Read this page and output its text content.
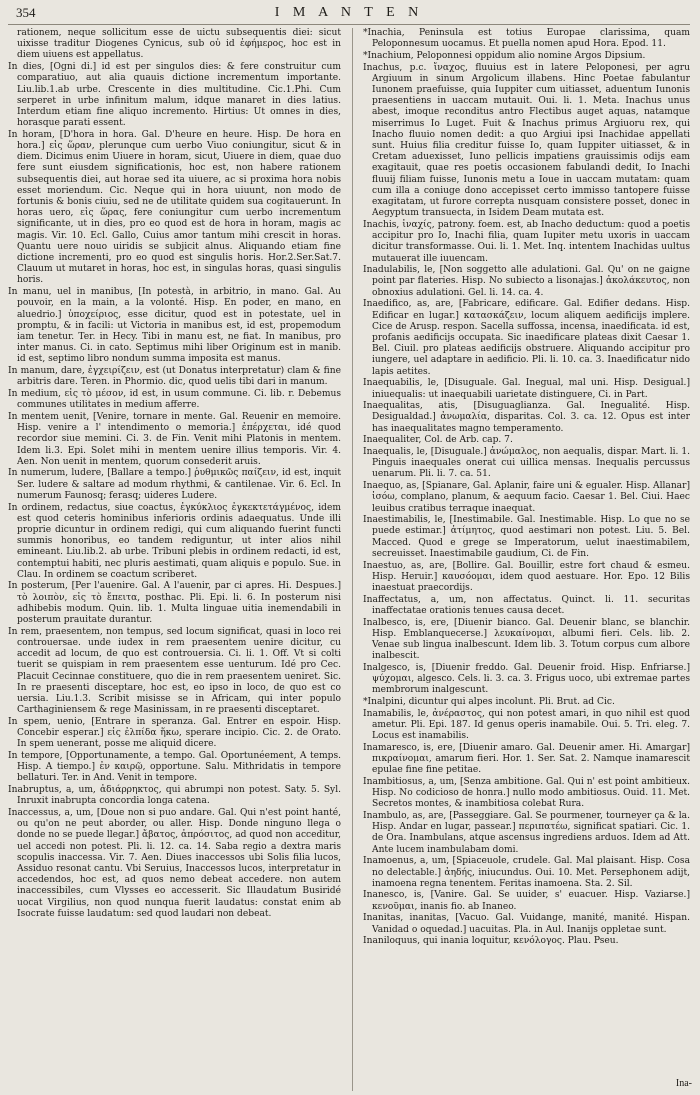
354	I M A N T E N

rationem, neque sollicitum esse de uictu subsequentis diei: sicut uixisse traditur Diogenes Cynicus, sub οὐ id ἐφήμερος, hoc est in diem uiuens est appellatus.

In dies, [Ogni di.] id est per singulos dies: & fere construitur cum comparatiuo, aut alia quauis dictione incrementum importante. Liu.lib.1.ab urbe. Crescente in dies multitudine. Cic.1.Phi. Cum serperet in urbe infinitum malum, idque manaret in dies latius. Interdum etiam fine aliquo incremento. Hirtius: Ut omnes in dies, horasque parati essent.

In horam, [D'hora in hora. Gal. D'heure en heure. Hisp. De hora en hora.] εἰς ὥραν, plerunque cum uerbo Viuo coniungitur, sicut & in diem. Dicimus enim Uiuere in horam, sicut, Uiuere in diem, quae duo fere sunt eiusdem significationis, hoc est, non habere rationem subsequentis diei, aut horae sed ita uiuere, ac si proxima hora nobis esset moriendum. Cic. Neque qui in hora uiuunt, non modo de fortunis & bonis ciuiu, sed ne de utilitate quidem sua cogitauerunt. In horas uero, εἰς ὥρας, fere coniungitur cum uerbo incrementum significante, ut in dies, pro eo quod est de hora in horam, magis ac magis. Vir. 10. Ecl. Gallo, Cuius amor tantum mihi crescit in horas. Quantu uere nouo uiridis se subjicit alnus. Aliquando etiam fine dictione incrementi, pro eo quod est singulis horis. Hor.2.Ser.Sat.7. Clauum ut mutaret in horas, hoc est, in singulas horas, quasi singulis horis.

In manu, uel in manibus, [In potestà, in arbitrio, in mano. Gal. Au pouvoir, en la main, a la volonté. Hisp. En poder, en mano, en aluedrio.] ὑποχείριος, esse dicitur, quod est in potestate, uel in promptu, & in facili: ut Victoria in manibus est, id est, propemodum iam tenetur. Ter. in Hecy. Tibi in manu est, ne fiat. In manibus, pro inter manus. Ci. in cato. Septimus mihi liber Originum est in manib. id est, septimo libro nondum summa imposita est manus.

In manum, dare, ἐγχειρίζειν, est (ut Donatus interpretatur) clam & fine arbitris dare. Teren. in Phormio. dic, quod uelis tibi dari in manum.

In medium, εἰς τὸ μέσον, id est, in usum commune. Ci. lib. r. Debemus communes utilitates in medium afferre.

In mentem uenit, [Venire, tornare in mente. Gal. Reuenir en memoire. Hisp. venire a l' intendimento o memoria.] ἐπέρχεται, idé quod recordor siue memini. Ci. 3. de Fin. Venit mihi Platonis in mentem. Idem li.3. Epi. Solet mihi in mentem uenire illius temporis. Vir. 4. Aen. Non uenit in mentem, quorum consederit aruis.

In numerum, ludere, [Ballare a tempo.] ῥυθμικῶς παίζειν, id est, inquit Ser. ludere & saltare ad modum rhythmi, & cantilenae. Vir. 6. Ecl. In numerum Faunosq; ferasq; uideres Ludere.

In ordinem, redactus, siue coactus, ἐγκύκλιος ἐγκεκτετάγμένος, idem est quod ceteris hominibus inferioris ordinis adaequatus. Unde illi proprie dicuntur in ordinem redigi, qui cum aliquando fuerint functi summis honoribus, eo tandem rediguntur, ut inter alios nihil emineant. Liu.lib.2. ab urbe. Tribuni plebis in ordinem redacti, id est, contemptui habiti, nec pluris aestimati, quam aliquis e populo. Sue. in Clau. In ordinem se coactum scriberet.

In posterum, [Per l'auenire. Gal. A l'auenir, par ci apres. Hi. Despues.] τὸ λοιπὸν, εἰς τὸ ἔπειτα, posthac. Pli. Epi. li. 6. In posterum nisi adhibebis modum. Quin. lib. 1. Multa linguae uitia inemendabili in posterum prauitate durantur.

In rem, praesentem, non tempus, sed locum significat, quasi in loco rei controuersae. unde iudex in rem praesentem uenire dicitur, cu accedit ad locum, de quo est controuersia. Ci. li. 1. Off. Vt si colti tuerit se quispiam in rem praesentem esse uenturum. Idé pro Cec. Placuit Cecinnae constituere, quo die in rem praesentem ueniret. Sic. In re praesenti disceptare, hoc est, eo ipso in loco, de quo est co uersia. Liu.1.3. Scribit misisse se in Africam, qui inter populo Carthaginiensem & rege Masinissam, in re praesenti disceptaret.

In spem, uenio, [Entrare in speranza. Gal. Entrer en espoir. Hisp. Concebir esperar.] εἰς ἐλπίδα ἥκω, sperare incipio. Cic. 2. de Orato. In spem uenerant, posse me aliquid dicere.

In tempore, [Opportunamente, a tempo. Gal. Oportunéement, A temps. Hisp. A tiempo.] ἐν καιρῷ, opportune. Salu. Mithridatis in tempore bellaturi. Ter. in And. Venit in tempore.

Inabruptus, a, um, ἀδιάρρηκτος, qui abrumpi non potest. Saty. 5. Syl. Inruxit inabrupta concordia longa catena.

Inaccessus, a, um, [Doue non si puo andare. Gal. Qui n'est point hanté, ou qu'on ne peut aborder, ou aller. Hisp. Donde ninguno llega o donde no se puede llegar.] ἄβατος, ἀπρόσιτος, ad quod non acceditur, uel accedi non potest. Pli. li. 12. ca. 14. Saba regio a dextra maris scopulis inaccessa. Vir. 7. Aen. Diues inaccessos ubi Solis filia lucos, Assiduo resonat cantu. Vbi Seruius, Inaccessos lucos, interpretatur in accedendos, hoc est, ad quos nemo debeat accedere. non autem inaccessibiles, cum Vlysses eo accesserit. Sic Illaudatum Busiridé uocat Virgilius, non quod nunqua fuerit laudatus: constat enim ab Isocrate fuisse laudatum: sed quod laudari non debeat.

*Inachia, Peninsula est totius Europae clarissima, quam Peloponnesum uocamus. Et puella nomen apud Hora. Epod. 11.

*Inachium, Peloponnesi oppidum alio nomine Argos Dipsium.

Inachus, p.c. ἴναχος, fluuius est in latere Peloponesi, per agru Argiuum in sinum Argolicum illabens. Hinc Poetae fabulantur Iunonem praefuisse, quia Iuppiter cum uitiasset, aduentum Iunonis praesentiens in uaccam mutauit. Oui. li. 1. Meta. Inachus unus abest, imoque reconditus antro Flectibus auget aquas, natamque miserrimus Io Luget. Fuit & Inachus primus Argiuoru rex, qui Inacho fluuio nomen dedit: a quo Argiui ipsi Inachidae appellati sunt. Huius filia creditur fuisse Io, quam Iuppiter uitiasset, & in Cretam aduexisset, Iuno pellicis impatiens grauissimis odijs eam exagitauit, quae res poetis occasionem fabulandi dedit, Io Inachi fluuij filiam fuisse, Iunonis metu a Ioue in uaccam mutatam: quam cum illa a coniuge dono accepisset certo immisso tantopere fuisse exagitatam, ut furore correpta nusquam consistere posset, donec in Aegyptum transuecta, in Isidem Deam mutata est.

Inachis, ἰναχίς, patrony. foem. est, ab Inacho deductum: quod a poetis accipitur pro Io, Inachi filia, quam Iupiter metu uxoris in uaccam dicitur transformasse. Oui. li. 1. Met. Inq. intentem Inachidas uultus mutauerat ille iuuencam.

Inadulabilis, le, [Non soggetto alle adulationi. Gal. Qu' on ne gaigne point par flateries. Hisp. No subiecto a lisonajas.] ἀκολάκευτος, non obnoxius adulationi. Gel. li. 14. ca. 4.

Inaedifico, as, are, [Fabricare, edificare. Gal. Edifier dedans. Hisp. Edificar en lugar.] κατασκάζειν, locum aliquem aedificijs implere. Cice de Arusp. respon. Sacella suffossa, incensa, inaedificata. id est, profanis aedificijs occupata. Sic inaedificare plateas dixit Caesar 1. Bel. Ciuil. pro plateas aedificijs obstruere. Aliquando accipitur pro iungere, uel adaptare in aedificio. Pli. li. 10. ca. 3. Inaedificatur nido lapis aetites.

Inaequabilis, le, [Disuguale. Gal. Inegual, mal uni. Hisp. Desigual.] iniuequalis: ut inaequabili uarietate distinguere, Ci. in Part.

Inaequalitas, atis, [Disuguaglianza. Gal. Inegualité. Hisp. Desigualdad.] ἀνωμαλία, disparitas. Col. 3. ca. 12. Opus est inter has inaequalitates magno temperamento.

Inaequaliter, Col. de Arb. cap. 7.

Inaequalis, le, [Disuguale.] ἀνώμαλος, non aequalis, dispar. Mart. li. 1. Pinguis inaequales onerat cui uillica mensas. Inequalis percussus uenarum. Pli. li. 7. ca. 51.

Inaequo, as, [Spianare, Gal. Aplanir, faire uni & egualer. Hisp. Allanar] ἰσόω, complano, planum, & aequum facio. Caesar 1. Bel. Ciui. Haec leuibus cratibus terraque inaequat.

Inaestimabilis, le, [Inestimabile. Gal. Inestimable. Hisp. Lo que no se puede estimar.] ἀτίμητος, quod aestimari non potest. Liu. 5. Bel. Macced. Quod e grege se Imperatorum, uelut inaestimabilem, secreuisset. Inaestimabile gaudium, Ci. de Fin.

Inaestuo, as, are, [Bollire. Gal. Bouillir, estre fort chaud & esmeu. Hisp. Heruir.] καυσόομαι, idem quod aestuare. Hor. Epo. 12 Bilis inaestuat praecordijs.

Inaffectatus, a, um, non affectatus. Quinct. li. 11. securitas inaffectatae orationis tenues causa decet.

Inalbesco, is, ere, [Diuenir bianco. Gal. Deuenir blanc, se blanchir. Hisp. Emblanquecerse.] λευκαίνομαι, albumi fieri. Cels. lib. 2. Venae sub lingua inalbescunt. Idem lib. 3. Totum corpus cum albore inalbescit.

Inalgesco, is, [Diuenir freddo. Gal. Deuenir froid. Hisp. Enfriarse.] ψύχομαι, algesco. Cels. li. 3. ca. 3. Frigus uoco, ubi extremae partes membrorum inalgescunt.

*Inalpini, dicuntur qui alpes incolunt. Pli. Brut. ad Cic.

Inamabilis, le, ἀνέραστος, qui non potest amari, in quo nihil est quod ametur. Pli. Epi. 187. Id genus operis inamabile. Oui. 5. Tri. eleg. 7. Locus est inamabilis.

Inamaresco, is, ere, [Diuenir amaro. Gal. Deuenir amer. Hi. Amargar] πικραίνομαι, amarum fieri. Hor. 1. Ser. Sat. 2. Namque inamarescit epulae fine fine petitae.

Inambitiosus, a, um, [Senza ambitione. Gal. Qui n' est point ambitieux. Hisp. No codicioso de honra.] nullo modo ambitiosus. Ouid. 11. Met. Secretos montes, & inambitiosa colebat Rura.

Inambulo, as, are, [Passeggiare. Gal. Se pourmener, tourneyer ça & la. Hisp. Andar en lugar, passear.] περιπατέω, significat spatiari. Cic. 1. de Ora. Inambulans, atque ascensus ingrediens arduos. Idem ad Att. Ante lucem inambulabam domi.

Inamoenus, a, um, [Spiaceuole, crudele. Gal. Mal plaisant. Hisp. Cosa no delectable.] ἀηδής, iniucundus. Oui. 10. Met. Persephonem adijt, inamoena regna tenentem. Feritas inamoena. Sta. 2. Sil.

Inanesco, is, [Vanire. Gal. Se uuider, s' euacuer. Hisp. Vaziarse.] κενοῦμαι, inanis fio. ab Inaneo.

Inanitas, inanitas, [Vacuo. Gal. Vuidange, manité, manité. Hispan. Vanidad o oquedad.] uacuitas. Pla. in Aul. Inanijs oppletae sunt.

Inaniloquus, qui inania loquitur, κενόλογος. Plau. Pseu.

Ina-
